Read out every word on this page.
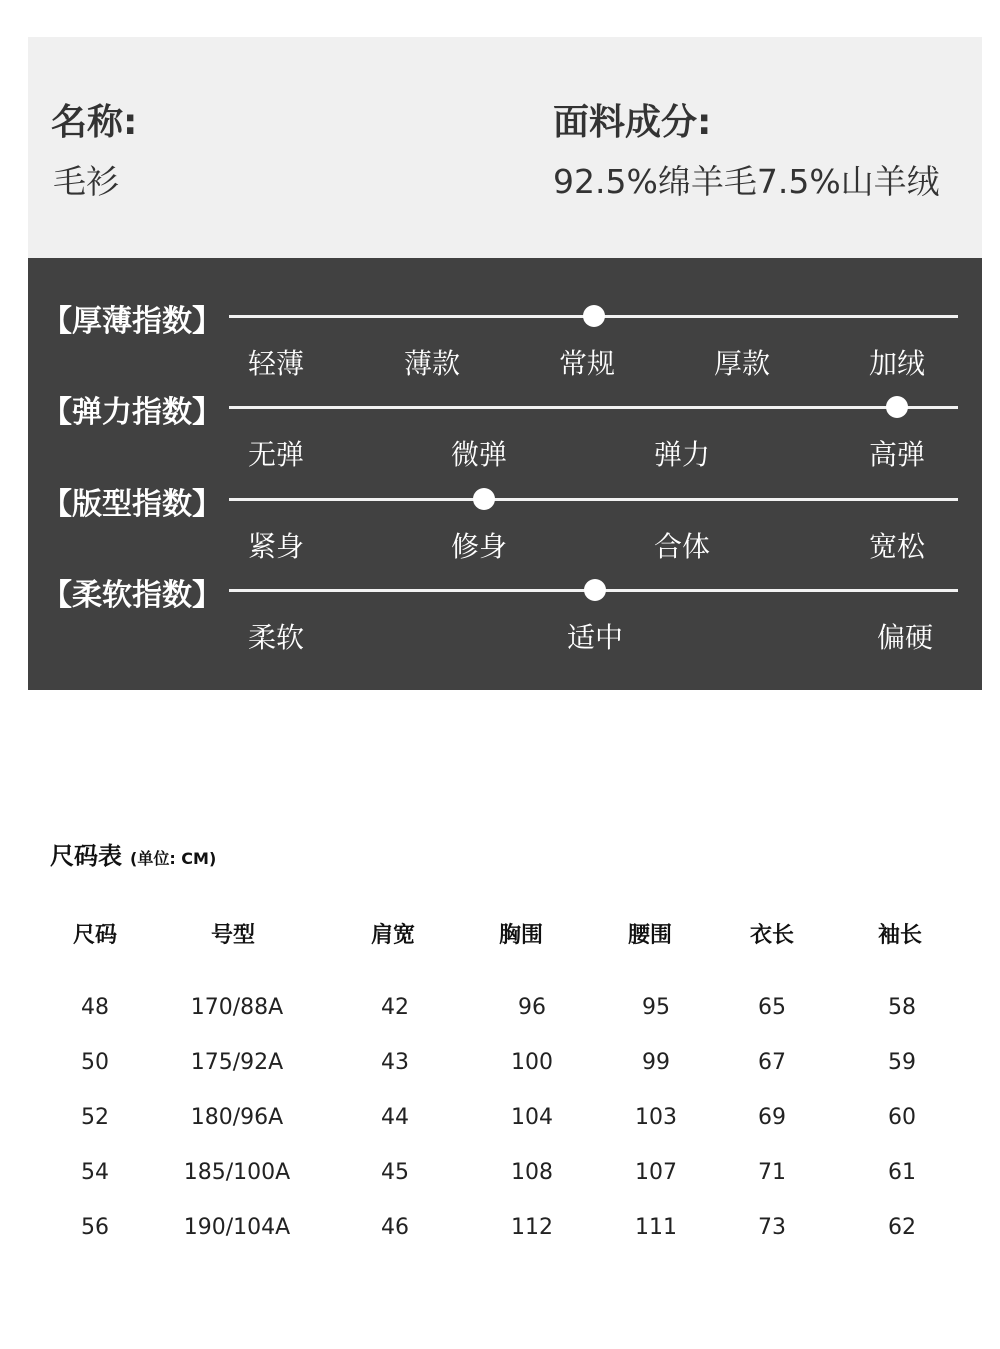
名称:
毛衫
面料成分:
92.5%绵羊毛7.5%山羊绒
【厚薄指数】
轻薄	薄款	常规	厚款	加绒
【弹力指数】
无弹	微弹	弹力	高弹
【版型指数】
紧身	修身	合体	宽松
【柔软指数】
柔软	适中	偏硬
尺码表 (单位: CM)
尺码	号型	肩宽	胸围	腰围	衣长	袖长
48	170/88A	42	96	95	65	58
50	175/92A	43	100	99	67	59
52	180/96A	44	104	103	69	60
54	185/100A	45	108	107	71	61
56	190/104A	46	112	111	73	62
